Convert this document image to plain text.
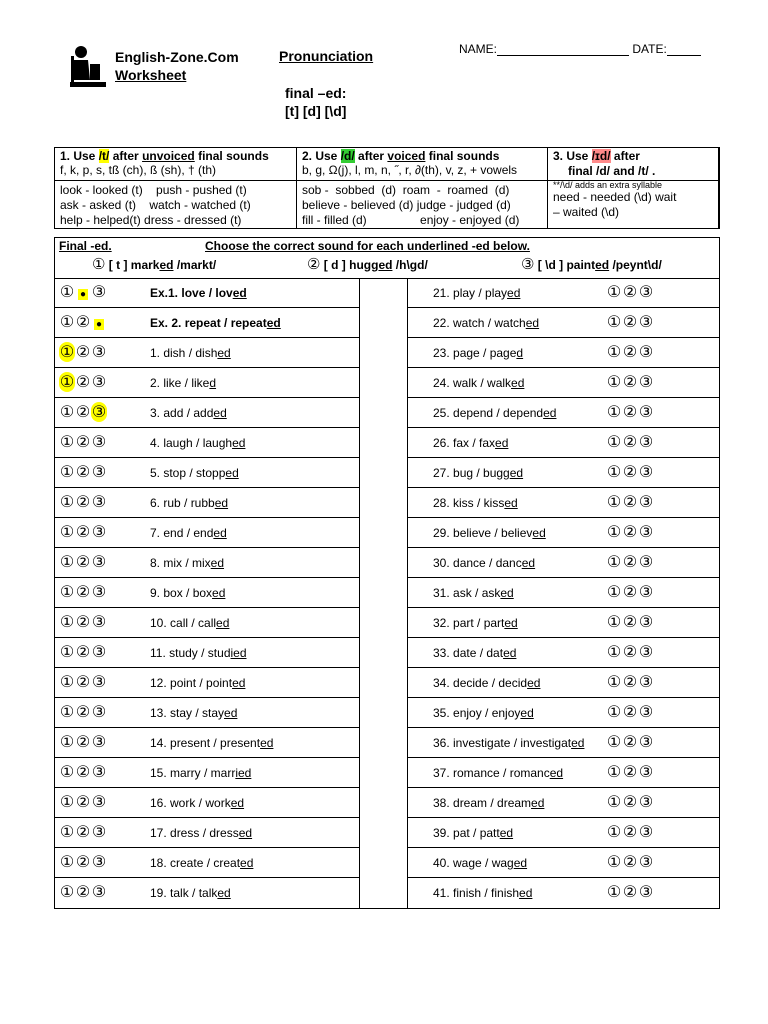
English-Zone.Com
Worksheet
Pronunciation
final –ed:
[t] [d] [\d]
NAME:	DATE:
1. Use /t/ after unvoiced final sounds
f, k, p, s, tß (ch), ß (sh), † (th)
look - looked (t)    push - pushed (t)
ask - asked (t)    watch - watched (t)
help - helped(t) dress - dressed (t)
2. Use /d/ after voiced final sounds
b, g, Ω(j), l, m, n, ˝, r, ∂(th), v, z, + vowels
sob -  sobbed  (d)  roam  -  roamed  (d)
believe - believed (d) judge - judged (d)
fill - filled (d)                enjoy - enjoyed (d)
3. Use /ɪd/ after
final /d/ and /t/ .
**/\d/ adds an extra syllable
need - needed (\d) wait
– waited (\d)
Final -ed.	Choose the correct sound for each underlined -ed below.
① [ t ] marked /markt/	② [ d ] hugged /h\gd/	③ [ \d ] painted /peynt\d/
① ● ③	Ex.1. love / loved
① ② ●	Ex. 2. repeat / repeated
① ② ③	1. dish / dished
① ② ③	2. like / liked
① ② ③	3. add / added
① ② ③	4. laugh / laughed
① ② ③	5. stop / stopped
① ② ③	6. rub / rubbed
① ② ③	7. end / ended
① ② ③	8. mix / mixed
① ② ③	9. box / boxed
① ② ③	10. call / called
① ② ③	11. study / studied
① ② ③	12. point / pointed
① ② ③	13. stay / stayed
① ② ③	14. present / presented
① ② ③	15. marry / married
① ② ③	16. work / worked
① ② ③	17. dress / dressed
① ② ③	18. create / created
① ② ③	19. talk / talked
21. play / played	① ② ③
22. watch / watched	① ② ③
23. page / paged	① ② ③
24. walk / walked	① ② ③
25. depend / depended	① ② ③
26. fax / faxed	① ② ③
27. bug / bugged	① ② ③
28. kiss / kissed	① ② ③
29. believe / believed	① ② ③
30. dance / danced	① ② ③
31. ask / asked	① ② ③
32. part / parted	① ② ③
33. date / dated	① ② ③
34. decide / decided	① ② ③
35. enjoy / enjoyed	① ② ③
36. investigate / investigated ① ② ③
37. romance / romanced	① ② ③
38. dream / dreamed	① ② ③
39. pat / patted	① ② ③
40. wage / waged	① ② ③
41. finish / finished	① ② ③
